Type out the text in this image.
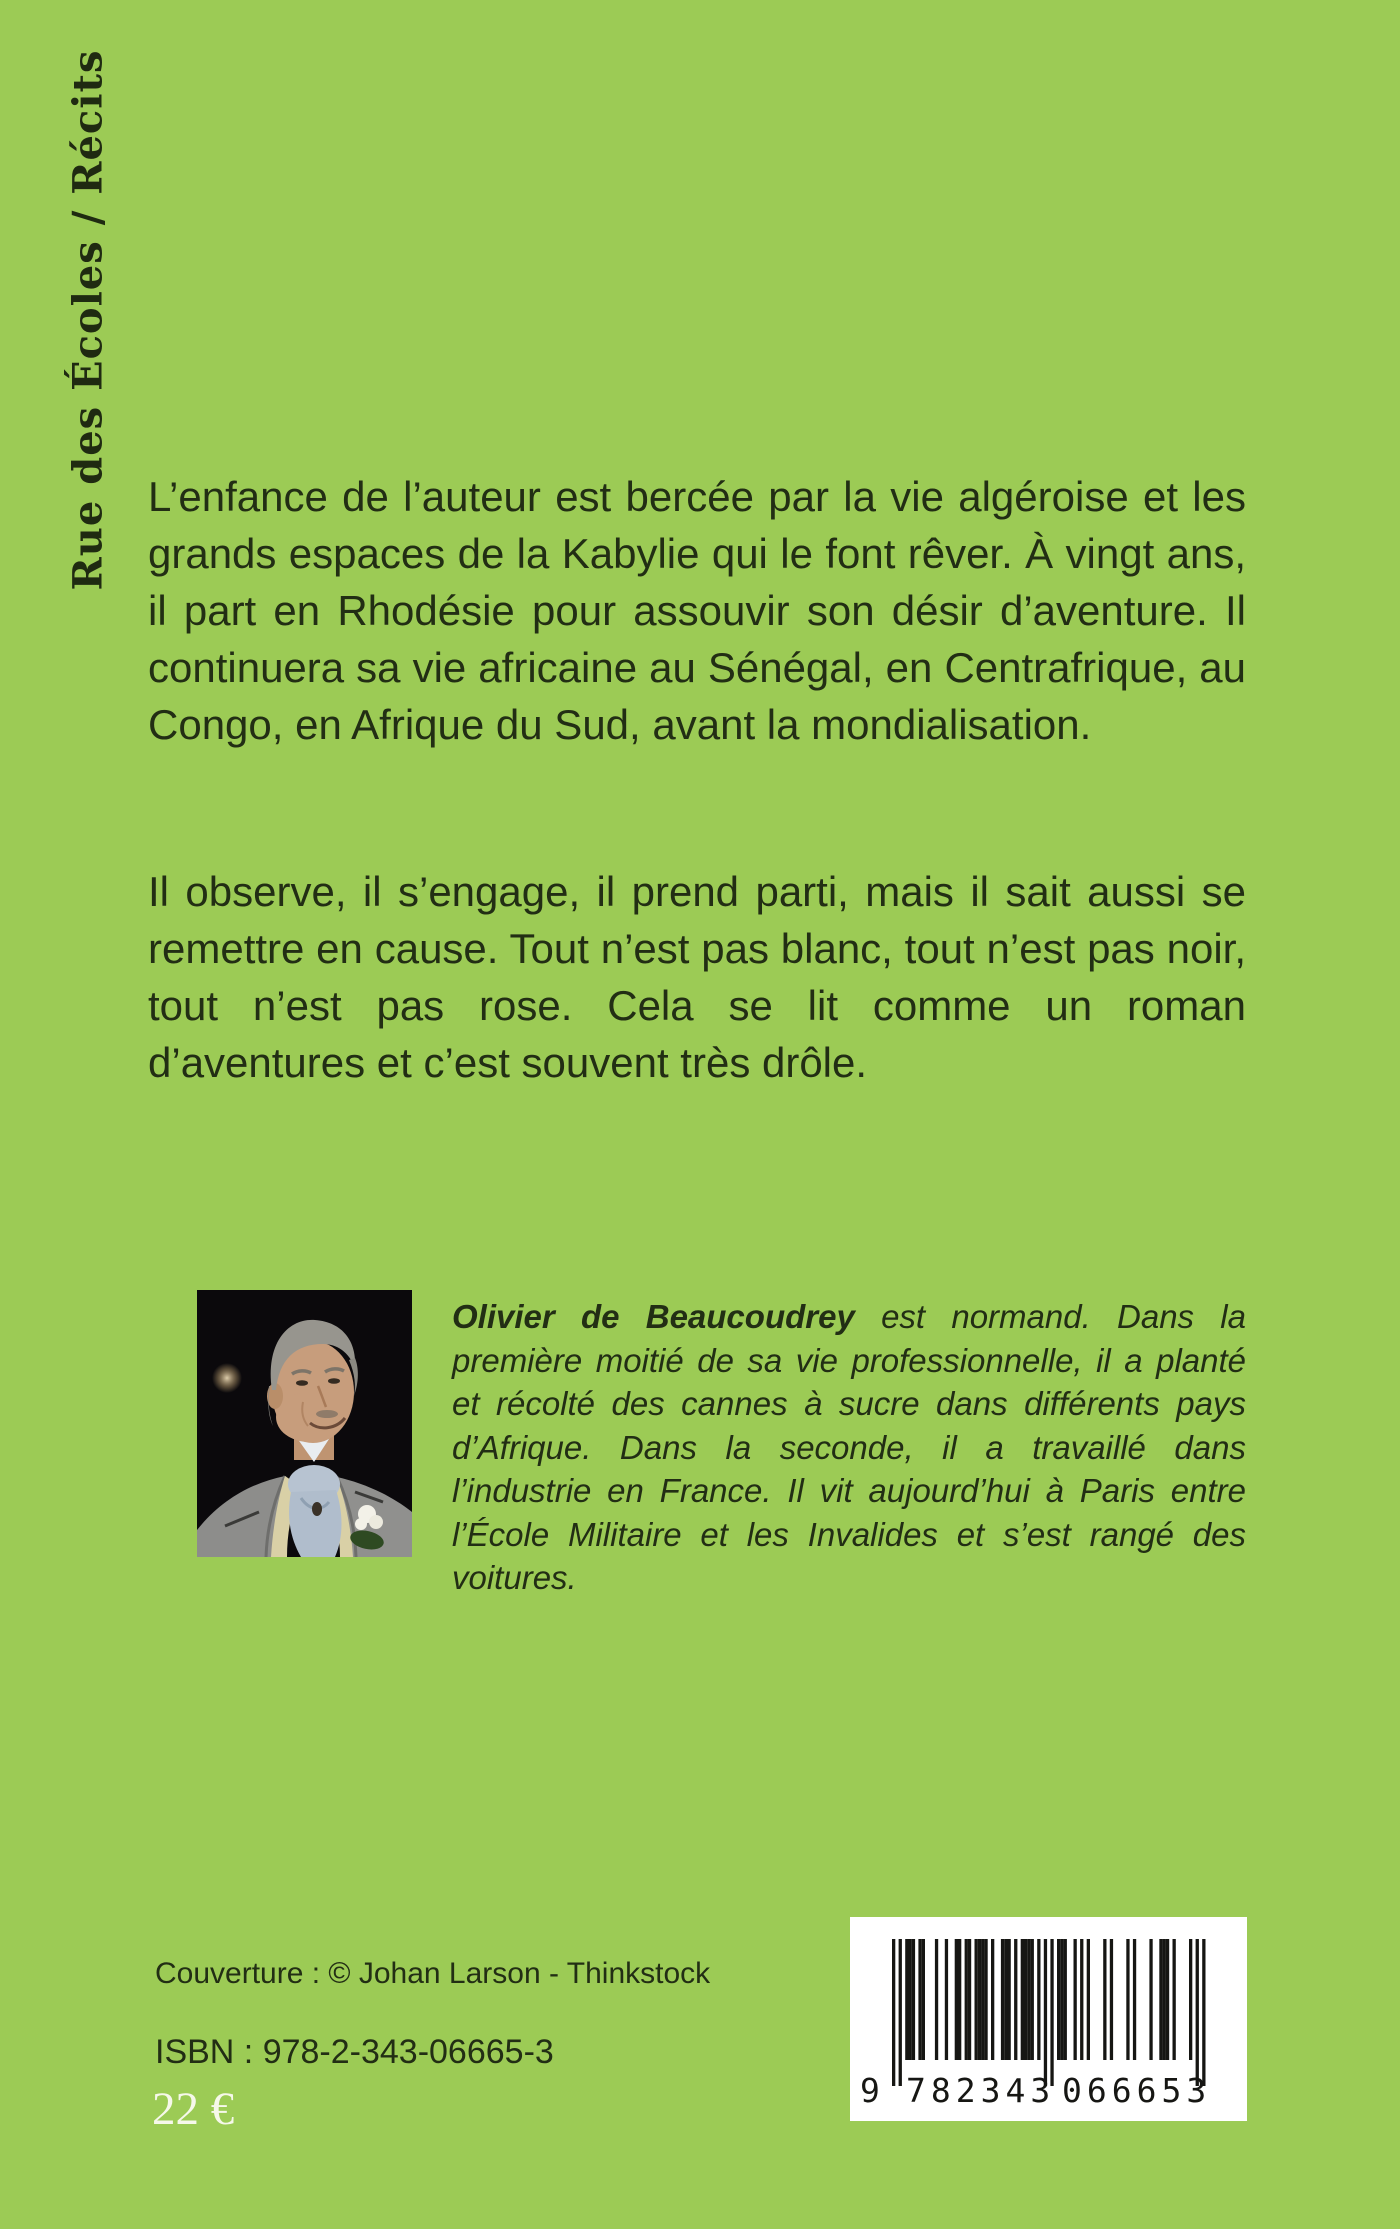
Rue des Écoles / Récits L’enfance de l’auteur est bercée par la vie algéroise et les grands espaces de la Kabylie qui le font rêver. À vingt ans, il part en Rhodésie pour assouvir son désir d’aventure. Il continuera sa vie africaine au Sénégal, en Centrafrique, au Congo, en Afrique du Sud, avant la mondialisation.

Il observe, il s’engage, il prend parti, mais il sait aussi se remettre en cause. Tout n’est pas blanc, tout n’est pas noir, tout n’est pas rose. Cela se lit comme un roman d’aventures et c’est souvent très drôle.

Olivier de Beaucoudrey est normand. Dans la première moitié de sa vie professionnelle, il a planté et récolté des cannes à sucre dans différents pays d’Afrique. Dans la seconde, il a travaillé dans l’industrie en France. Il vit aujourd’hui à Paris entre l’École Militaire et les Invalides et s’est rangé des voitures.

Couverture : © Johan Larson - Thinkstock
ISBN : 978-2-343-06665-3
22 €	9 782343 066653
